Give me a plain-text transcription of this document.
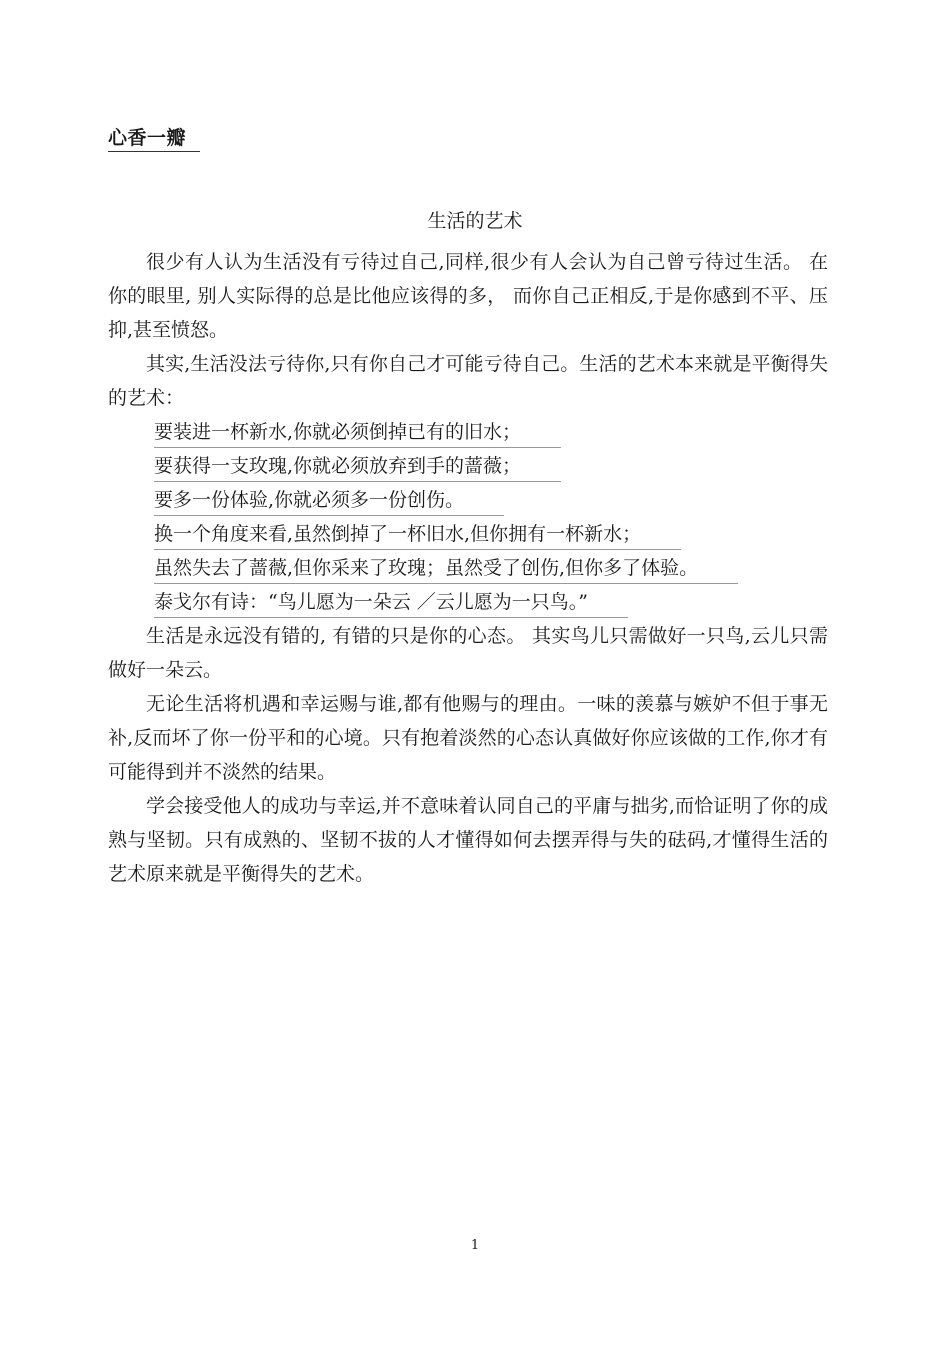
心香一瓣
生活的艺术

很少有人认为生活没有亏待过自己,同样,很少有人会认为自己曾亏待过生活。 在你的眼里, 别人实际得的总是比他应该得的多， 而你自己正相反,于是你感到不平、压抑,甚至愤怒。

其实,生活没法亏待你,只有你自己才可能亏待自己。生活的艺术本来就是平衡得失的艺术：

要装进一杯新水,你就必须倒掉已有的旧水；

要获得一支玫瑰,你就必须放弃到手的蔷薇；

要多一份体验,你就必须多一份创伤。

换一个角度来看,虽然倒掉了一杯旧水,但你拥有一杯新水；

虽然失去了蔷薇,但你采来了玫瑰；虽然受了创伤,但你多了体验。

泰戈尔有诗：“鸟儿愿为一朵云 ／云儿愿为一只鸟。”

生活是永远没有错的, 有错的只是你的心态。 其实鸟儿只需做好一只鸟,云儿只需做好一朵云。

无论生活将机遇和幸运赐与谁,都有他赐与的理由。一味的羡慕与嫉妒不但于事无补,反而坏了你一份平和的心境。只有抱着淡然的心态认真做好你应该做的工作,你才有可能得到并不淡然的结果。

学会接受他人的成功与幸运,并不意味着认同自己的平庸与拙劣,而恰证明了你的成熟与坚韧。只有成熟的、坚韧不拔的人才懂得如何去摆弄得与失的砝码,才懂得生活的艺术原来就是平衡得失的艺术。

1
